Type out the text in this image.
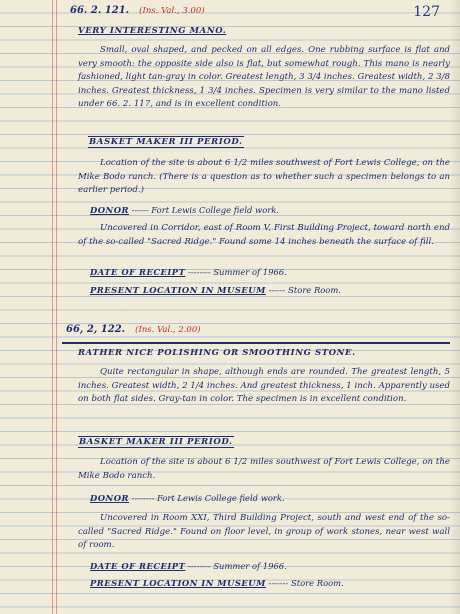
127
66. 2. 121. (Ins. Val., 3.00)
VERY INTERESTING MANO.
Small, oval shaped, and pecked on all edges. One rubbing surface is flat and very smooth: the opposite side also is flat, but somewhat rough. This mano is nearly fashioned, light tan-gray in color. Greatest length, 3 3/4 inches. Greatest width, 2 3/8 inches. Greatest thickness, 1 3/4 inches. Specimen is very similar to the mano listed under 66. 2. 117, and is in excellent condition.
BASKET MAKER III PERIOD.
Location of the site is about 6 1/2 miles southwest of Fort Lewis College, on the Mike Bodo ranch. (There is a question as to whether such a specimen belongs to an earlier period.)
DONOR ------ Fort Lewis College field work.
Uncovered in Corridor, east of Room V, First Building Project, toward north end of the so-called "Sacred Ridge." Found some 14 inches beneath the surface of fill.
DATE OF RECEIPT -------- Summer of 1966.
PRESENT LOCATION IN MUSEUM ------ Store Room.
66, 2, 122. (Ins. Val., 2.00)
RATHER NICE POLISHING OR SMOOTHING STONE.
Quite rectangular in shape, although ends are rounded. The greatest length, 5 inches. Greatest width, 2 1/4 inches. And greatest thickness, 1 inch. Apparently used on both flat sides. Gray-tan in color. The specimen is in excellent condition.
BASKET MAKER III PERIOD.
Location of the site is about 6 1/2 miles southwest of Fort Lewis College, on the Mike Bodo ranch.
DONOR -------- Fort Lewis College field work.
Uncovered in Room XXI, Third Building Project, south and west end of the so-called "Sacred Ridge." Found on floor level, in group of work stones, near west wall of room.
DATE OF RECEIPT -------- Summer of 1966.
PRESENT LOCATION IN MUSEUM ------- Store Room.
